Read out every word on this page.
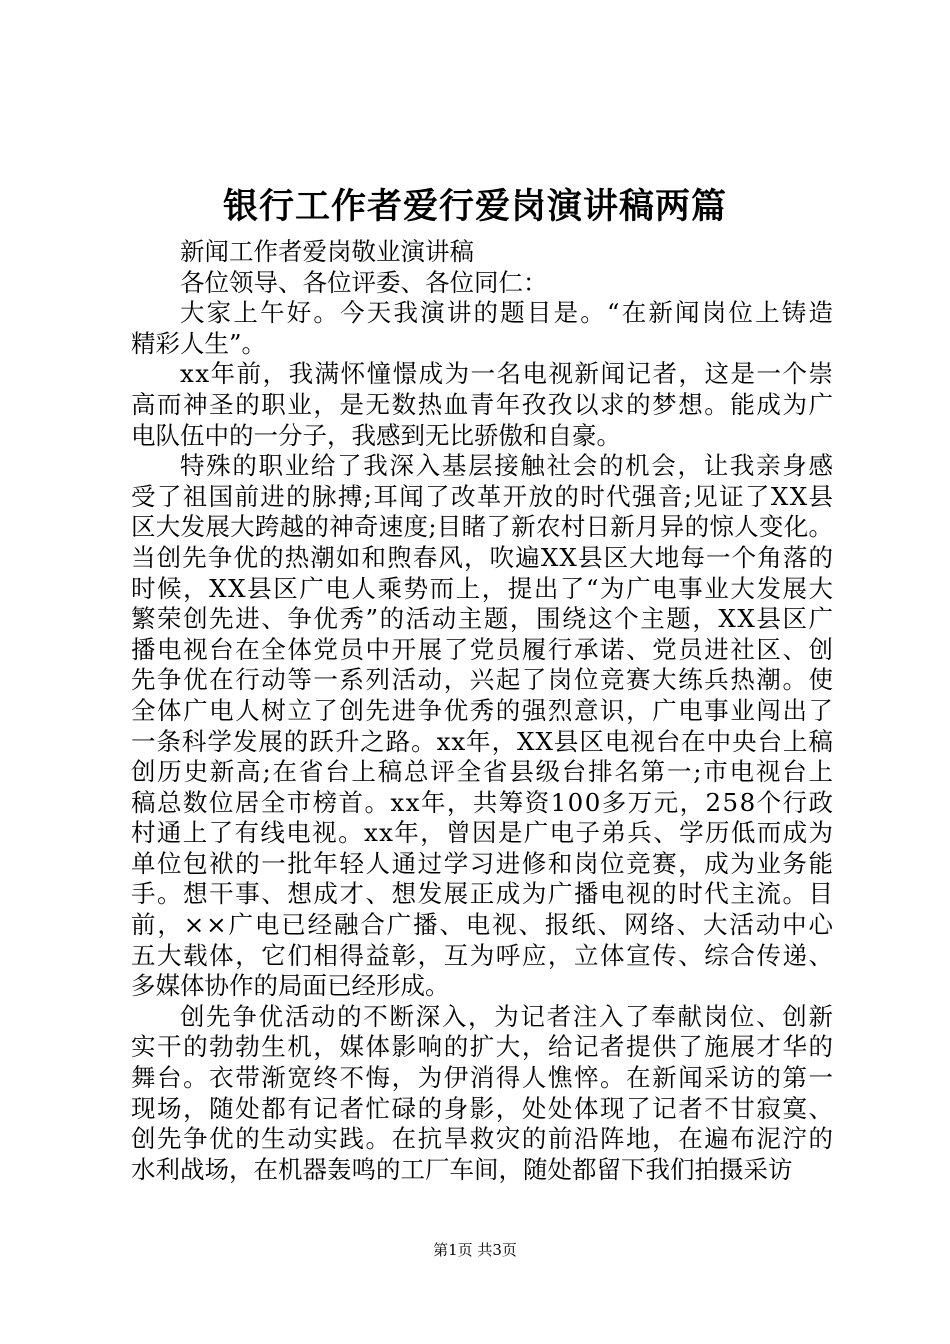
银行工作者爱行爱岗演讲稿两篇
新闻工作者爱岗敬业演讲稿
各位领导、各位评委、各位同仁：
大家上午好。今天我演讲的题目是。“在新闻岗位上铸造
精彩人生”。
xx年前，我满怀憧憬成为一名电视新闻记者，这是一个崇
高而神圣的职业，是无数热血青年孜孜以求的梦想。能成为广
电队伍中的一分子，我感到无比骄傲和自豪。
特殊的职业给了我深入基层接触社会的机会，让我亲身感
受了祖国前进的脉搏;耳闻了改革开放的时代强音;见证了XX县
区大发展大跨越的神奇速度;目睹了新农村日新月异的惊人变化。
当创先争优的热潮如和煦春风，吹遍XX县区大地每一个角落的
时候，XX县区广电人乘势而上，提出了“为广电事业大发展大
繁荣创先进、争优秀”的活动主题，围绕这个主题，XX县区广
播电视台在全体党员中开展了党员履行承诺、党员进社区、创
先争优在行动等一系列活动，兴起了岗位竞赛大练兵热潮。使
全体广电人树立了创先进争优秀的强烈意识，广电事业闯出了
一条科学发展的跃升之路。xx年，XX县区电视台在中央台上稿
创历史新高;在省台上稿总评全省县级台排名第一;市电视台上
稿总数位居全市榜首。xx年，共筹资100多万元，258个行政
村通上了有线电视。xx年，曾因是广电子弟兵、学历低而成为
单位包袱的一批年轻人通过学习进修和岗位竞赛，成为业务能
手。想干事、想成才、想发展正成为广播电视的时代主流。目
前，××广电已经融合广播、电视、报纸、网络、大活动中心
五大载体，它们相得益彰，互为呼应，立体宣传、综合传递、
多媒体协作的局面已经形成。
创先争优活动的不断深入，为记者注入了奉献岗位、创新
实干的勃勃生机，媒体影响的扩大，给记者提供了施展才华的
舞台。衣带渐宽终不悔，为伊消得人憔悴。在新闻采访的第一
现场，随处都有记者忙碌的身影，处处体现了记者不甘寂寞、
创先争优的生动实践。在抗旱救灾的前沿阵地，在遍布泥泞的
水利战场，在机器轰鸣的工厂车间，随处都留下我们拍摄采访
第1页 共3页
